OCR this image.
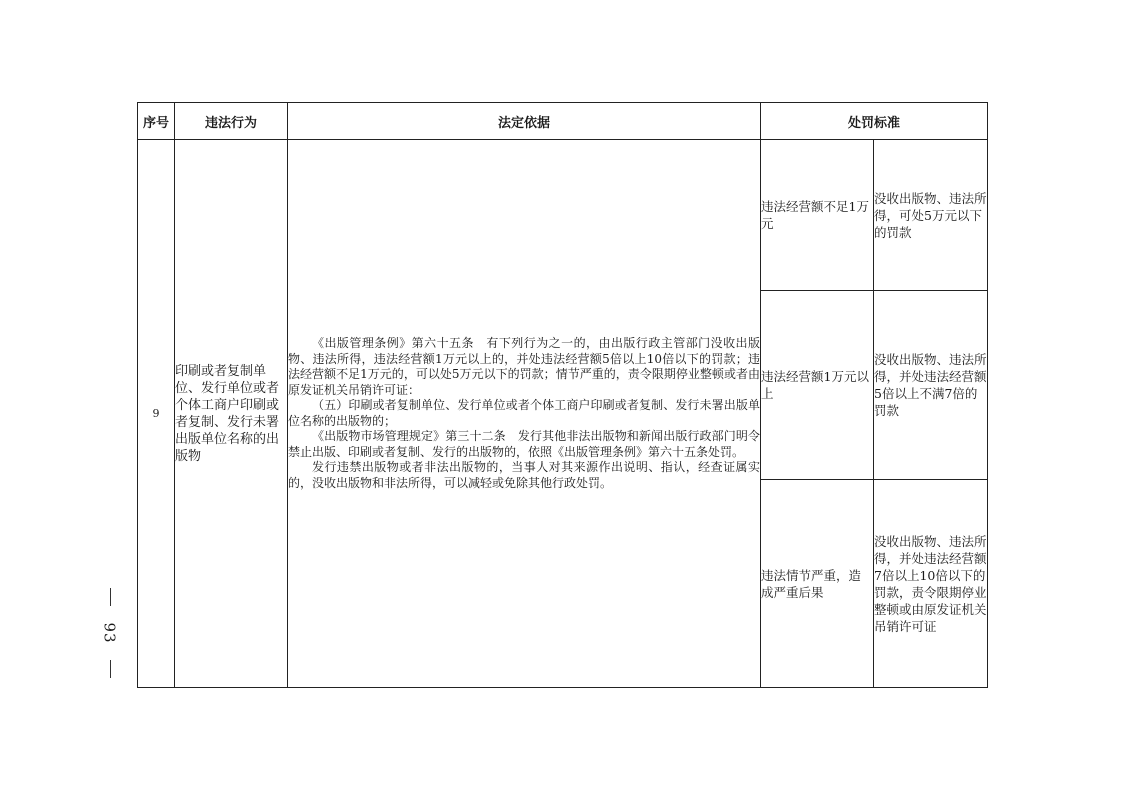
序号	违法行为	法定依据	处罚标准	
9	印刷或者复制单位、发行单位或者个体工商户印刷或者复制、发行未署出版单位名称的出版物	《出版管理条例》第六十五条　有下列行为之一的，由出版行政主管部门没收出版物、违法所得，违法经营额1万元以上的，并处违法经营额5倍以上10倍以下的罚款；违法经营额不足1万元的，可以处5万元以下的罚款；情节严重的，责令限期停业整顿或者由原发证机关吊销许可证：

（五）印刷或者复制单位、发行单位或者个体工商户印刷或者复制、发行未署出版单位名称的出版物的；

《出版物市场管理规定》第三十二条　发行其他非法出版物和新闻出版行政部门明令禁止出版、印刷或者复制、发行的出版物的，依照《出版管理条例》第六十五条处罚。

发行违禁出版物或者非法出版物的，当事人对其来源作出说明、指认，经查证属实的，没收出版物和非法所得，可以减轻或免除其他行政处罚。	违法经营额不足1万元	没收出版物、违法所得，可处5万元以下的罚款
			违法经营额1万元以上	没收出版物、违法所得，并处违法经营额5倍以上不满7倍的罚款
			违法情节严重，造成严重后果	没收出版物、违法所得，并处违法经营额7倍以上10倍以下的罚款，责令限期停业整顿或由原发证机关吊销许可证
93
